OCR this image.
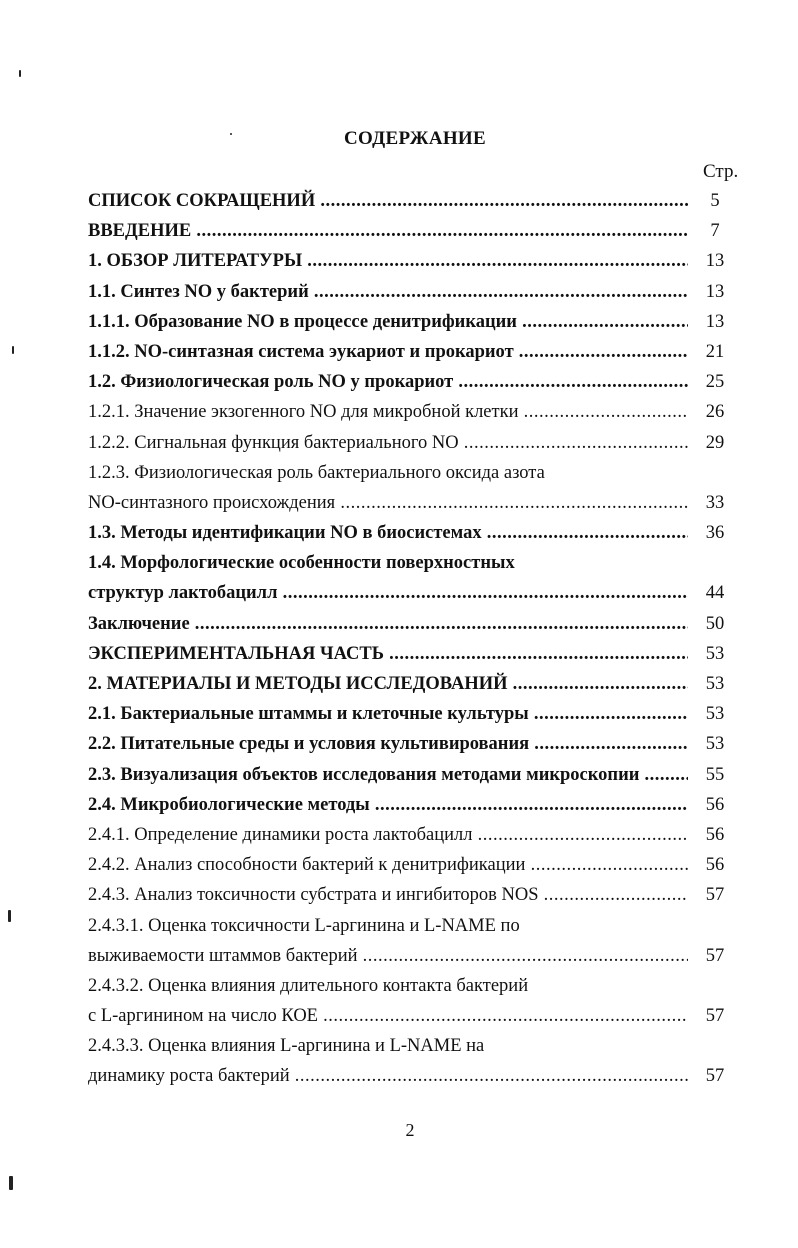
СОДЕРЖАНИЕ
Стр.
СПИСОК СОКРАЩЕНИЙ .....	5
ВВЕДЕНИЕ .....	7
1. ОБЗОР ЛИТЕРАТУРЫ .....	13
1.1. Синтез NO у бактерий .....	13
1.1.1. Образование NO в процессе денитрификации .....	13
1.1.2. NO-синтазная система эукариот и прокариот .....	21
1.2. Физиологическая роль NO у прокариот .....	25
1.2.1. Значение экзогенного NO для микробной клетки .....	26
1.2.2. Сигнальная функция бактериального NO .....	29
1.2.3. Физиологическая роль бактериального оксида азота
NO-синтазного происхождения .....	33
1.3. Методы идентификации NO в биосистемах .....	36
1.4. Морфологические особенности поверхностных
структур лактобацилл .....	44
Заключение .....	50
ЭКСПЕРИМЕНТАЛЬНАЯ ЧАСТЬ .....	53
2. МАТЕРИАЛЫ И МЕТОДЫ ИССЛЕДОВАНИЙ .....	53
2.1. Бактериальные штаммы и клеточные культуры .....	53
2.2. Питательные среды и условия культивирования .....	53
2.3. Визуализация объектов исследования методами микроскопии .....	55
2.4. Микробиологические методы .....	56
2.4.1. Определение динамики роста лактобацилл .....	56
2.4.2. Анализ способности бактерий к денитрификации .....	56
2.4.3. Анализ токсичности субстрата и ингибиторов NOS .....	57
2.4.3.1. Оценка токсичности L-аргинина и L-NAME по
выживаемости штаммов бактерий .....	57
2.4.3.2. Оценка влияния длительного контакта бактерий
с L-аргинином на число КОЕ .....	57
2.4.3.3. Оценка влияния L-аргинина и L-NAME на
динамику роста бактерий .....	57
2
